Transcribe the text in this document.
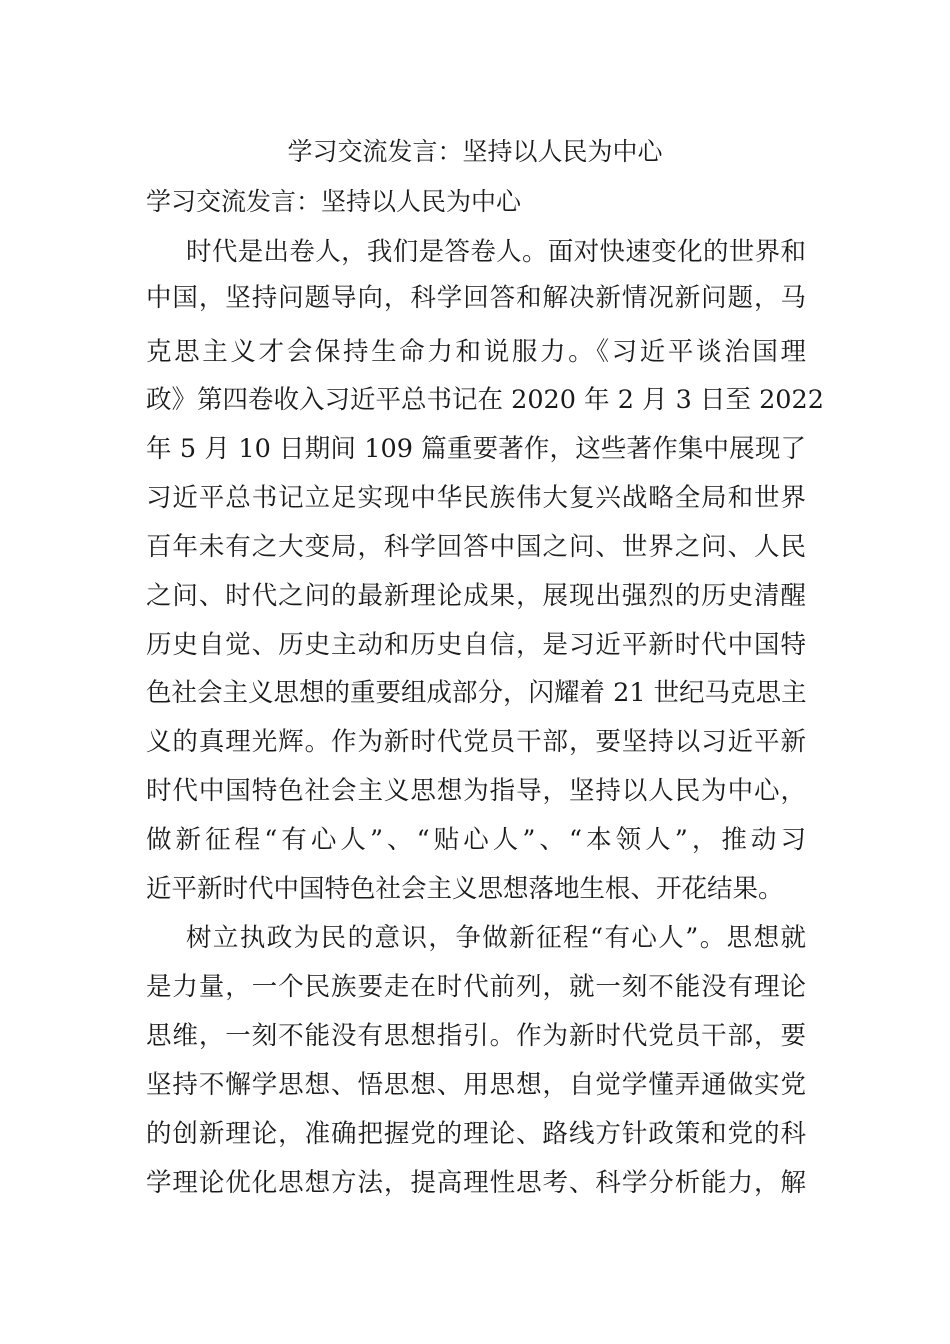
学习交流发言：坚持以人民为中心
学习交流发言：坚持以人民为中心
时代是出卷人，我们是答卷人。面对快速变化的世界和
中国，坚持问题导向，科学回答和解决新情况新问题，马
克思主义才会保持生命力和说服力。《习近平谈治国理
政》第四卷收入习近平总书记在 2020 年 2 月 3 日至 2022
年 5 月 10 日期间 109 篇重要著作，这些著作集中展现了
习近平总书记立足实现中华民族伟大复兴战略全局和世界
百年未有之大变局，科学回答中国之问、世界之问、人民
之问、时代之问的最新理论成果，展现出强烈的历史清醒
历史自觉、历史主动和历史自信，是习近平新时代中国特
色社会主义思想的重要组成部分，闪耀着 21 世纪马克思主
义的真理光辉。作为新时代党员干部，要坚持以习近平新
时代中国特色社会主义思想为指导，坚持以人民为中心，
做新征程“有心人”、“贴心人”、“本领人”，推动习
近平新时代中国特色社会主义思想落地生根、开花结果。
树立执政为民的意识，争做新征程“有心人”。思想就
是力量，一个民族要走在时代前列，就一刻不能没有理论
思维，一刻不能没有思想指引。作为新时代党员干部，要
坚持不懈学思想、悟思想、用思想，自觉学懂弄通做实党
的创新理论，准确把握党的理论、路线方针政策和党的科
学理论优化思想方法，提高理性思考、科学分析能力，解
